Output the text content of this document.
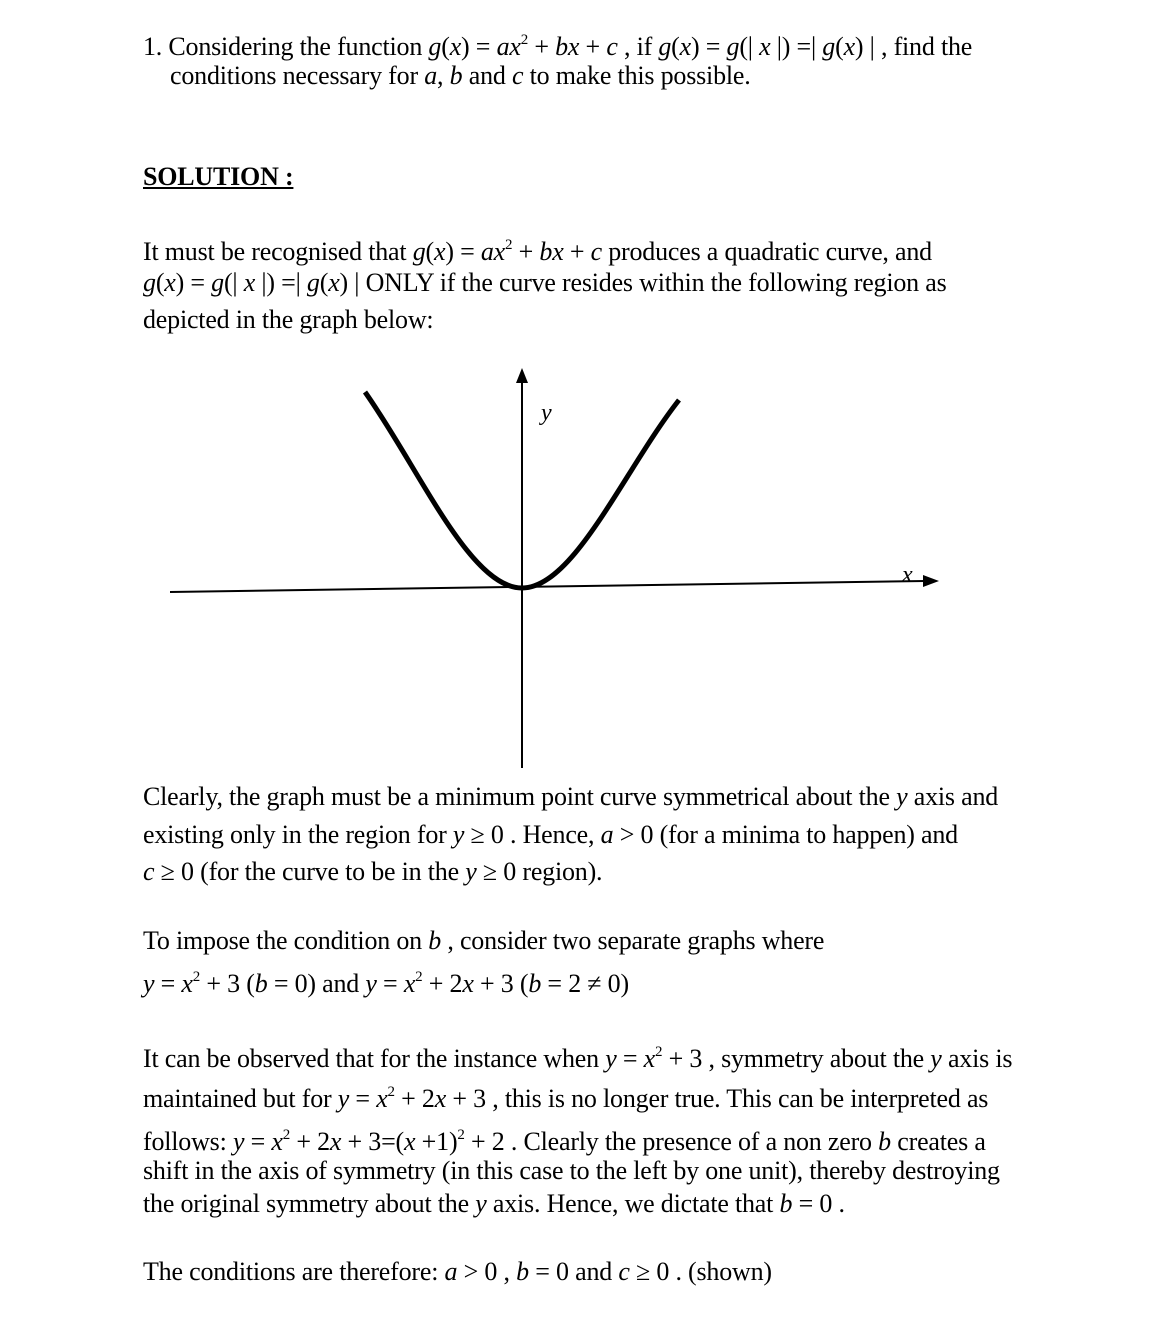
1. Considering the function $g(x) = ax^2$ + bx + c , if g(x) = g(| x |) =| g(x) | , find the
conditions necessary for a, b and c to make this possible.
SOLUTION :
It must be recognised that $g(x) = ax^2$ + bx + c produces a quadratic curve, and
g(x) = g(| x |) =| g(x) | ONLY if the curve resides within the following region as
depicted in the graph below:
y
x
Clearly, the graph must be a minimum point curve symmetrical about the y axis and
existing only in the region for y ≥ 0 . Hence, a > 0 (for a minima to happen) and
c ≥ 0 (for the curve to be in the y ≥ 0 region).
To impose the condition on b , consider two separate graphs where
$y = x^2 + 3$ (b = 0) and $y = x^2 + 2x + 3$ (b = 2 ≠ 0)
It can be observed that for the instance when $y = x^2 + 3$ , symmetry about the y axis is
maintained but for $y = x^2 + 2x + 3$ , this is no longer true. This can be interpreted as
follows: $y = x^2 + 2x + 3=(x +1)^2 + 2$ . Clearly the presence of a non zero b creates a
shift in the axis of symmetry (in this case to the left by one unit), thereby destroying
the original symmetry about the y axis. Hence, we dictate that b = 0 .
The conditions are therefore: a > 0 , b = 0 and c ≥ 0 . (shown)
